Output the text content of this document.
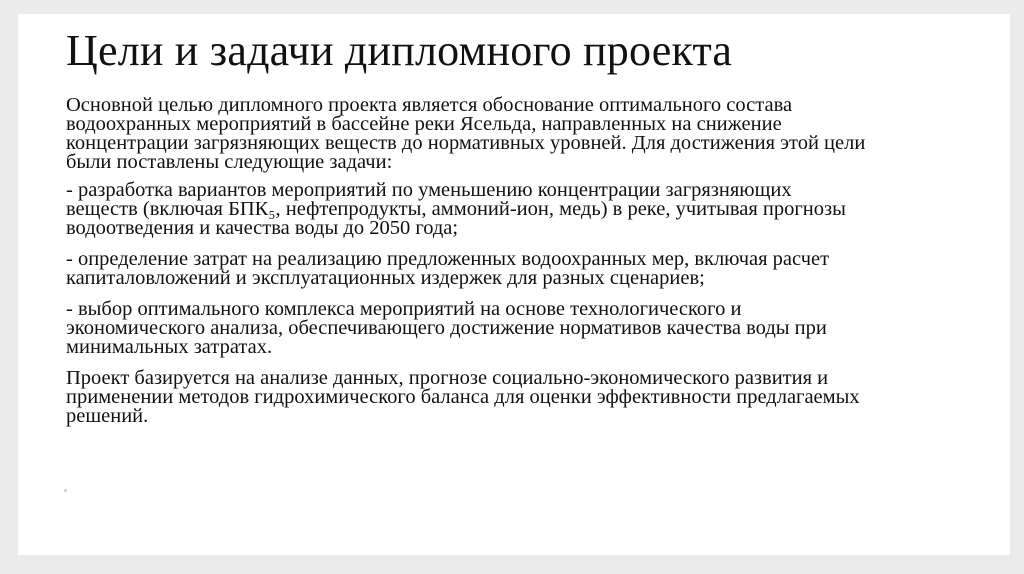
Цели и задачи дипломного проекта

Основной целью дипломного проекта является обоснование оптимального состава водоохранных мероприятий в бассейне реки Ясельда, направленных на снижение концентрации загрязняющих веществ до нормативных уровней. Для достижения этой цели были поставлены следующие задачи:

- разработка вариантов мероприятий по уменьшению концентрации загрязняющих веществ (включая БПК₅, нефтепродукты, аммоний-ион, медь) в реке, учитывая прогнозы водоотведения и качества воды до 2050 года;

- определение затрат на реализацию предложенных водоохранных мер, включая расчет капиталовложений и эксплуатационных издержек для разных сценариев;

- выбор оптимального комплекса мероприятий на основе технологического и экономического анализа, обеспечивающего достижение нормативов качества воды при минимальных затратах.

Проект базируется на анализе данных, прогнозе социально-экономического развития и применении методов гидрохимического баланса для оценки эффективности предлагаемых решений.
